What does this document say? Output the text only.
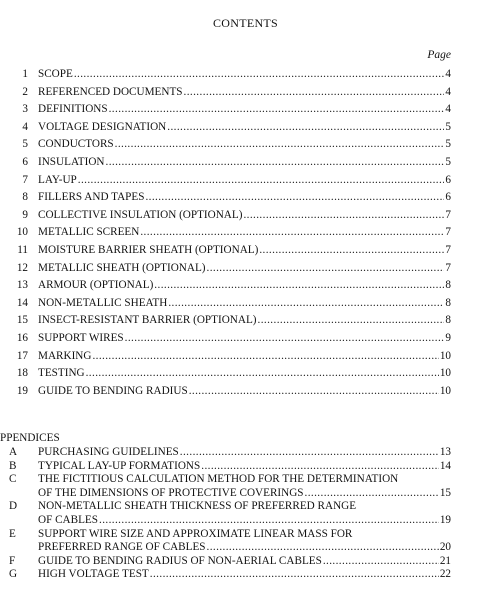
CONTENTS
Page
1 SCOPE .....	4
2 REFERENCED DOCUMENTS .....	4
3 DEFINITIONS .....	4
4 VOLTAGE DESIGNATION .....	5
5 CONDUCTORS .....	5
6 INSULATION .....	5
7 LAY-UP .....	6
8 FILLERS AND TAPES .....	6
9 COLLECTIVE INSULATION (OPTIONAL) .....	7
10 METALLIC SCREEN .....	7
11 MOISTURE BARRIER SHEATH (OPTIONAL) .....	7
12 METALLIC SHEATH (OPTIONAL) .....	7
13 ARMOUR (OPTIONAL) .....	8
14 NON-METALLIC SHEATH .....	8
15 INSECT-RESISTANT BARRIER (OPTIONAL) .....	8
16 SUPPORT WIRES .....	9
17 MARKING .....	10
18 TESTING .....	10
19 GUIDE TO BENDING RADIUS .....	10
PPENDICES
A PURCHASING GUIDELINES .....	13
B TYPICAL LAY-UP FORMATIONS .....	14
C THE FICTITIOUS CALCULATION METHOD FOR THE DETERMINATION
OF THE DIMENSIONS OF PROTECTIVE COVERINGS .....	15
D NON-METALLIC SHEATH THICKNESS OF PREFERRED RANGE
OF CABLES .....	19
E SUPPORT WIRE SIZE AND APPROXIMATE LINEAR MASS FOR
PREFERRED RANGE OF CABLES .....	20
F GUIDE TO BENDING RADIUS OF NON-AERIAL CABLES .....	21
G HIGH VOLTAGE TEST .....	22
